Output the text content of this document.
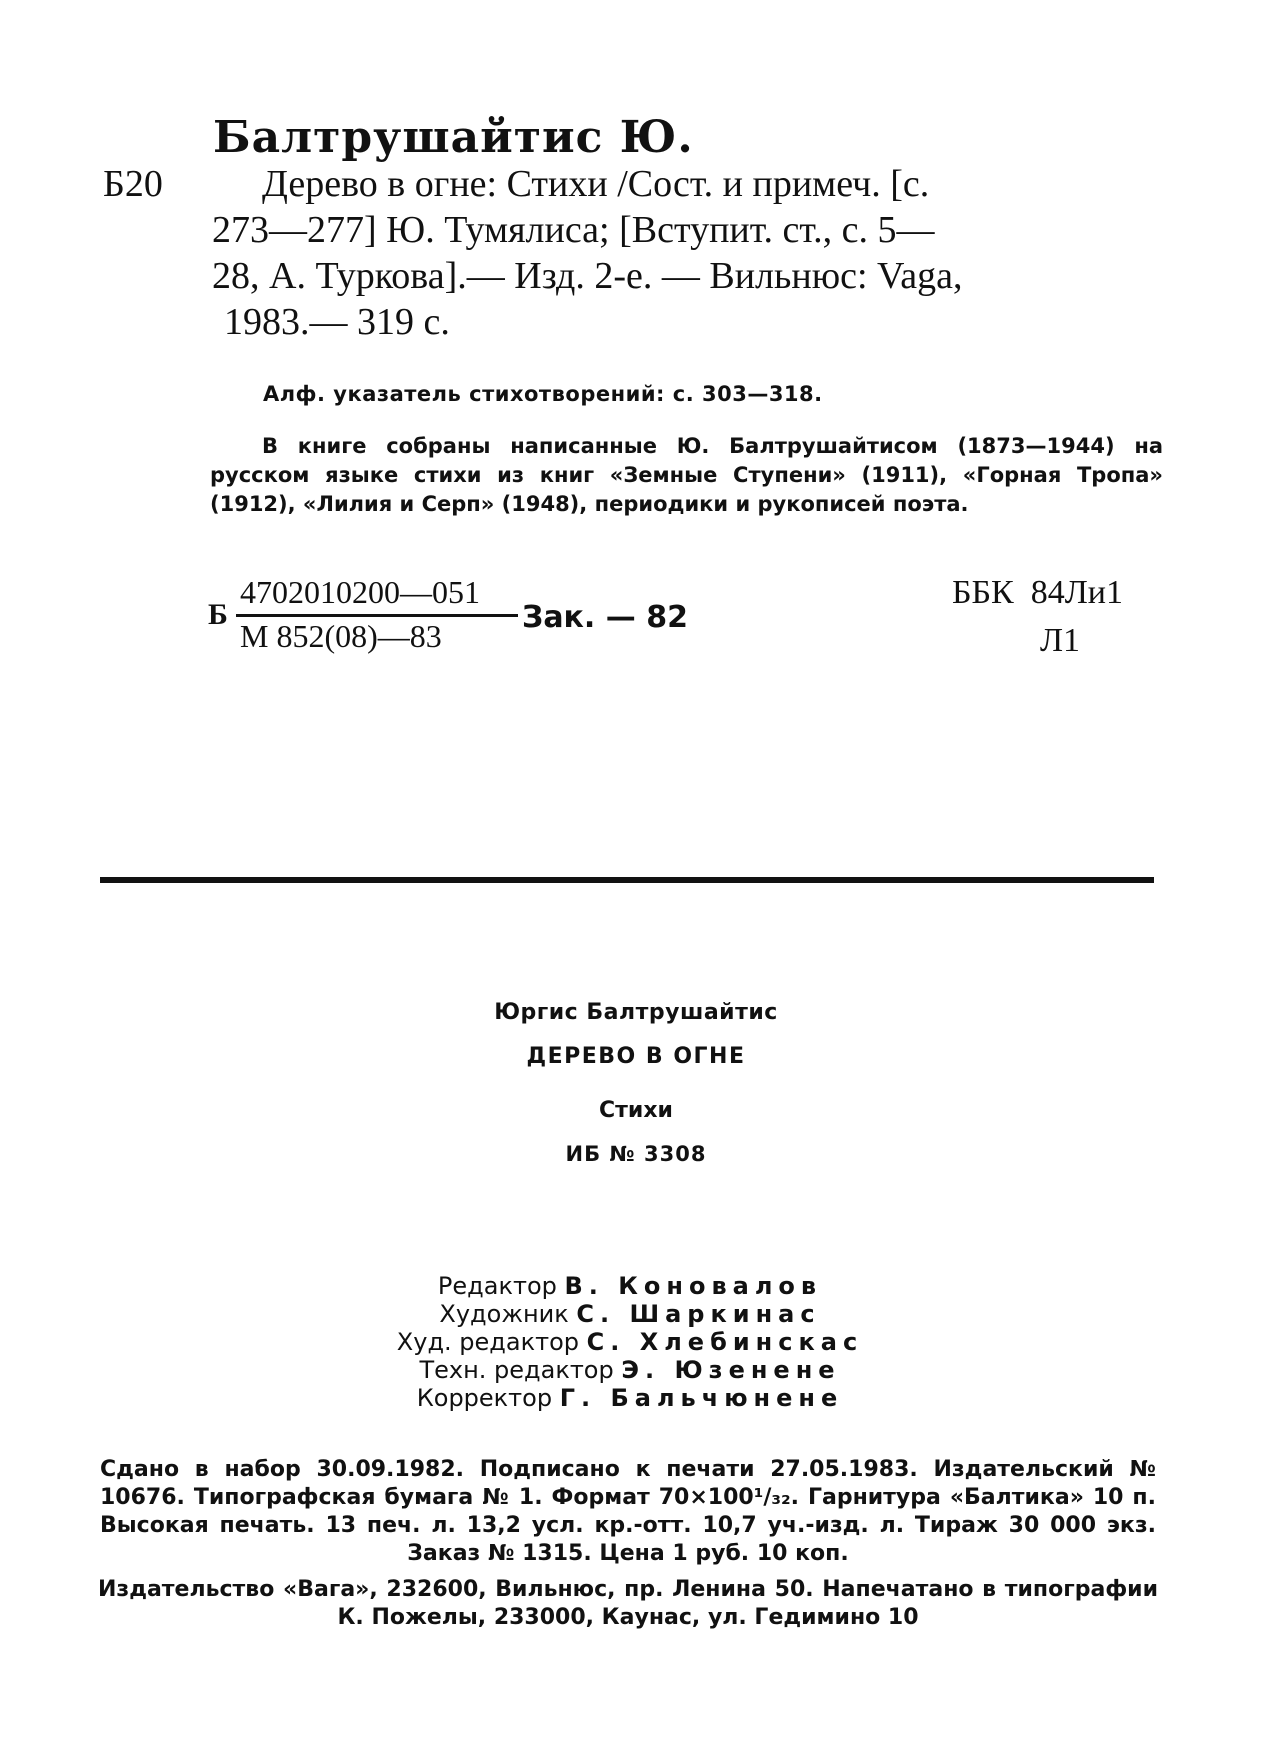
Балтрушайтис Ю.
Б20	Дерево в огне: Стихи /Сост. и примеч. [с.
273—277] Ю. Тумялиса; [Вступит. ст., с. 5—
28, А. Туркова].— Изд. 2-е. — Вильнюс: Vaga,
1983.— 319 с.
Алф. указатель стихотворений: с. 303—318.
В книге собраны написанные Ю. Балтрушайтисом (1873—1944) на русском языке стихи из книг «Земные Ступени» (1911), «Горная Тропа» (1912), «Лилия и Серп» (1948), периодики и рукописей поэта.
Б
4702010200—051
М 852(08)—83
Зак. — 82
ББК  84Ли1
Л1
Юргис Балтрушайтис
ДЕРЕВО В ОГНЕ
Стихи
ИБ № 3308
Редактор В. Коновалов
Художник С. Шаркинас
Худ. редактор С. Хлебинскас
Техн. редактор Э. Юзенене
Корректор Г. Бальчюнене
Сдано в набор 30.09.1982. Подписано к печати 27.05.1983. Издательский № 10676. Типографская бумага № 1. Формат 70×100¹/₃₂. Гарнитура «Балтика» 10 п. Высокая печать. 13 печ. л. 13,2 усл. кр.-отт. 10,7 уч.-изд. л. Тираж 30 000 экз. Заказ № 1315. Цена 1 руб. 10 коп.
Издательство «Вага», 232600, Вильнюс, пр. Ленина 50. Напечатано в типографии К. Пожелы, 233000, Каунас, ул. Гедимино 10
